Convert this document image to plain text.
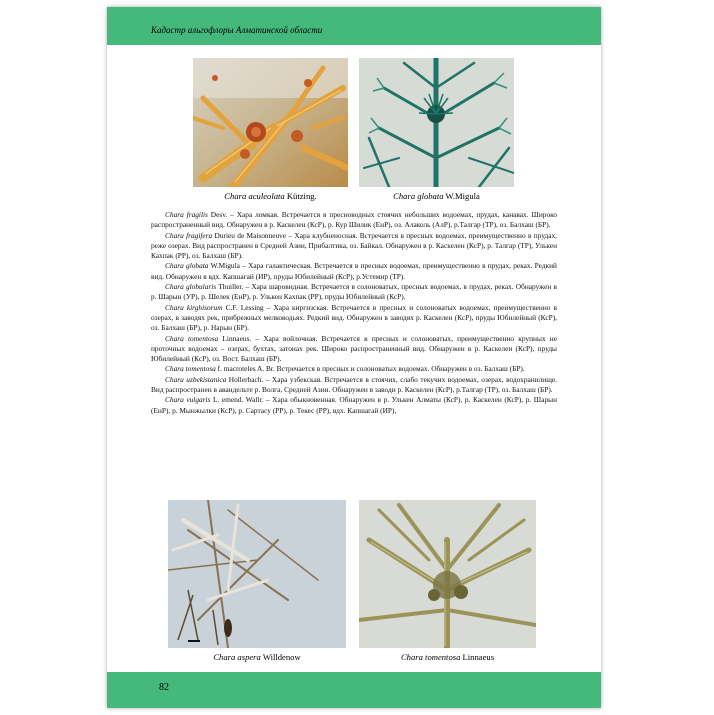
Кадастр альгофлоры Алматинской области
Chara aculeolata Kützing.	Chara globata W.Migula

Chara fragilis Desv. – Хара ломкая. Встречается в пресноводных стоячих небольших водоемах, прудах, канавах. Широко распространенный вид. Обнаружен в р. Каскелен (КсР), р. Кур Шилик (ЕнР), оз. Алаколь (АлР), р.Талгар (ТР), оз. Балхаш (БР).

Chara fragifera Durieu de Maisonneuve – Хара клубненосная. Встречается в пресных водоемах, преимущественно в прудах, реже озерах. Вид распространен в Средней Азии, Прибалтика, оз. Байкал. Обнаружен в р. Каскелен (КсР), р. Талгар (ТР), Улькен Кахпак (РР), оз. Балхаш (БР).

Chara globata W.Migula – Хара галактическая. Встречается в пресных водоемах, преимущественно в прудах, реках. Редкий вид. Обнаружен в вдх. Капшагай (ИР), пруды Юбилейный (КсР), р.Устемир (ТР).

Chara globularis Thuiller. – Хара шаровидная. Встречается в солоноватых, пресных водоемах, в прудах, реках. Обнаружен в р. Шарын (УР), р. Шелек (ЕнР), р. Улькен Кахпак (РР), пруды Юбилейный (КсР).

Chara kirghisorum C.F. Lessing – Хара киргизская. Встречается в пресных и солоноватых водоемах, преимущественно в озерах, в заводях рек, прибрежных мелководьях. Редкий вид. Обнаружен в заводях р. Каскелен (КсР), пруды Юбилейный (КсР), оз. Балхаш (БР), р. Нарын (БР).

Chara tomentosa Linnaeus. – Хара войлочная. Встречается в пресных и солоноватых, преимущественно крупных не проточных водоемах – озерах, бухтах, затонах рек. Широко распространенный вид. Обнаружен в р. Каскелен (КсР), пруды Юбилейный (КсР), оз. Вост. Балхаш (БР).

Chara tomentosa f. macroteles A. Br. Встречается в пресных и солоноватых водоемах. Обнаружен в оз. Балхаш (БР).

Chara uzbekistanica Hollerbach. – Хара узбекская. Встречается в стоячих, слабо текучих водоемах, озерах, водохранилище. Вид распространен в авандельте р. Волга, Средней Азии. Обнаружен в заводи р. Каскелен (КсР), р.Талгар (ТР), оз. Балхаш (БР).

Chara vulgaris L. emend. Wallr. – Хара обыкновенная. Обнаружен в р. Улькен Алматы (КсР), р. Каскелен (КсР), р. Шарын (ЕнР), р. Мынжылки (КсР), р. Сартасу (РР), р. Текес (РР), вдх. Капшагай (ИР),

Chara aspera Willdenow	Chara tomentosa Linnaeus
82
